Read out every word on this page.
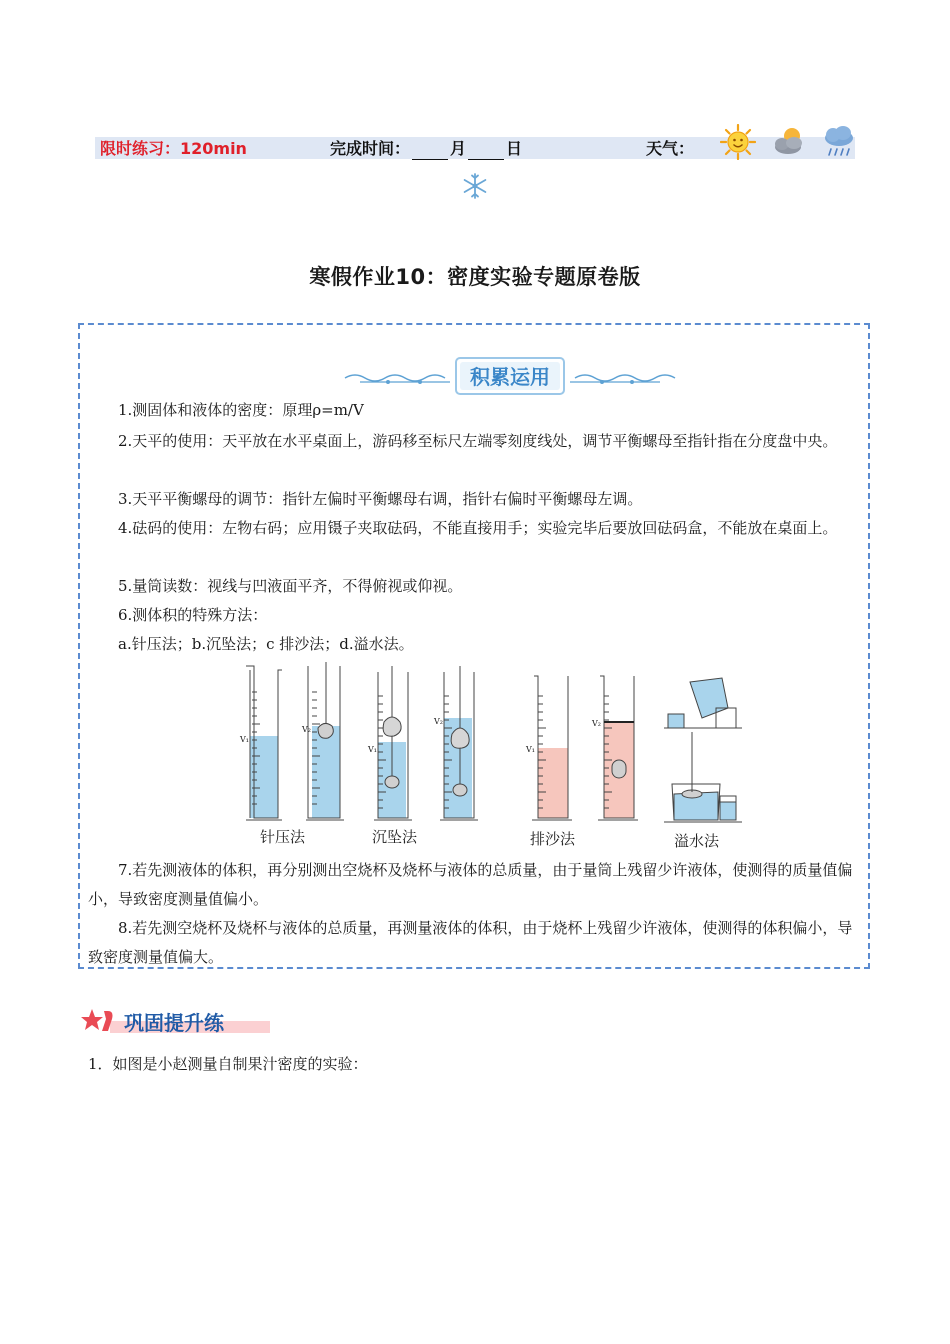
限时练习：120min	完成时间：	月	日	天气：
寒假作业10：密度实验专题原卷版
积累运用
1.测固体和液体的密度：原理ρ=m/V
2.天平的使用：天平放在水平桌面上，游码移至标尺左端零刻度线处，调节平衡螺母至指针指在分度盘中央。
3.天平平衡螺母的调节：指针左偏时平衡螺母右调，指针右偏时平衡螺母左调。
4.砝码的使用：左物右码；应用镊子夹取砝码，不能直接用手；实验完毕后要放回砝码盒，不能放在桌面上。
5.量筒读数：视线与凹液面平齐，不得俯视或仰视。
6.测体积的特殊方法：
a.针压法；b.沉坠法；c 排沙法；d.溢水法。
V₁
V₂
V₁
V₂
V₁
V₂
针压法	沉坠法	排沙法	溢水法
7.若先测液体的体积，再分别测出空烧杯及烧杯与液体的总质量，由于量筒上残留少许液体，使测得的质量值偏小，导致密度测量值偏小。
8.若先测空烧杯及烧杯与液体的总质量，再测量液体的体积，由于烧杯上残留少许液体，使测得的体积偏小，导致密度测量值偏大。
巩固提升练
1．如图是小赵测量自制果汁密度的实验：
